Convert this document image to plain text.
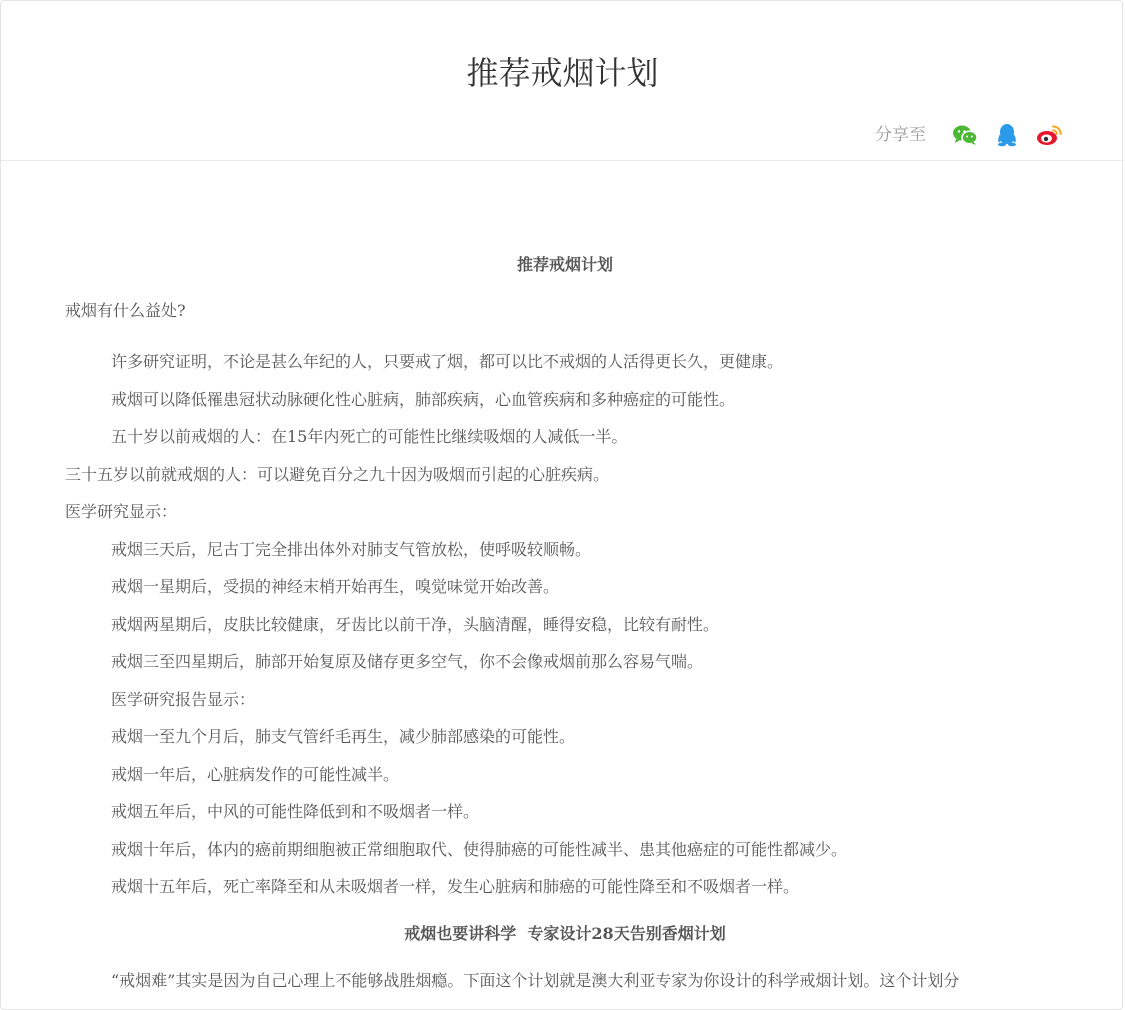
推荐戒烟计划
分享至

推荐戒烟计划

戒烟有什么益处?

许多研究证明，不论是甚么年纪的人，只要戒了烟，都可以比不戒烟的人活得更长久，更健康。

戒烟可以降低罹患冠状动脉硬化性心脏病，肺部疾病，心血管疾病和多种癌症的可能性。

五十岁以前戒烟的人：在15年内死亡的可能性比继续吸烟的人减低一半。

三十五岁以前就戒烟的人：可以避免百分之九十因为吸烟而引起的心脏疾病。

医学研究显示：

戒烟三天后，尼古丁完全排出体外对肺支气管放松，使呼吸较顺畅。

戒烟一星期后，受损的神经末梢开始再生，嗅觉味觉开始改善。

戒烟两星期后，皮肤比较健康，牙齿比以前干净，头脑清醒，睡得安稳，比较有耐性。

戒烟三至四星期后，肺部开始复原及储存更多空气，你不会像戒烟前那么容易气喘。

医学研究报告显示：

戒烟一至九个月后，肺支气管纤毛再生，减少肺部感染的可能性。

戒烟一年后，心脏病发作的可能性减半。

戒烟五年后，中风的可能性降低到和不吸烟者一样。

戒烟十年后，体内的癌前期细胞被正常细胞取代、使得肺癌的可能性减半、患其他癌症的可能性都减少。

戒烟十五年后，死亡率降至和从未吸烟者一样，发生心脏病和肺癌的可能性降至和不吸烟者一样。

戒烟也要讲科学  专家设计28天告别香烟计划

“戒烟难”其实是因为自己心理上不能够战胜烟瘾。下面这个计划就是澳大利亚专家为你设计的科学戒烟计划。这个计划分
